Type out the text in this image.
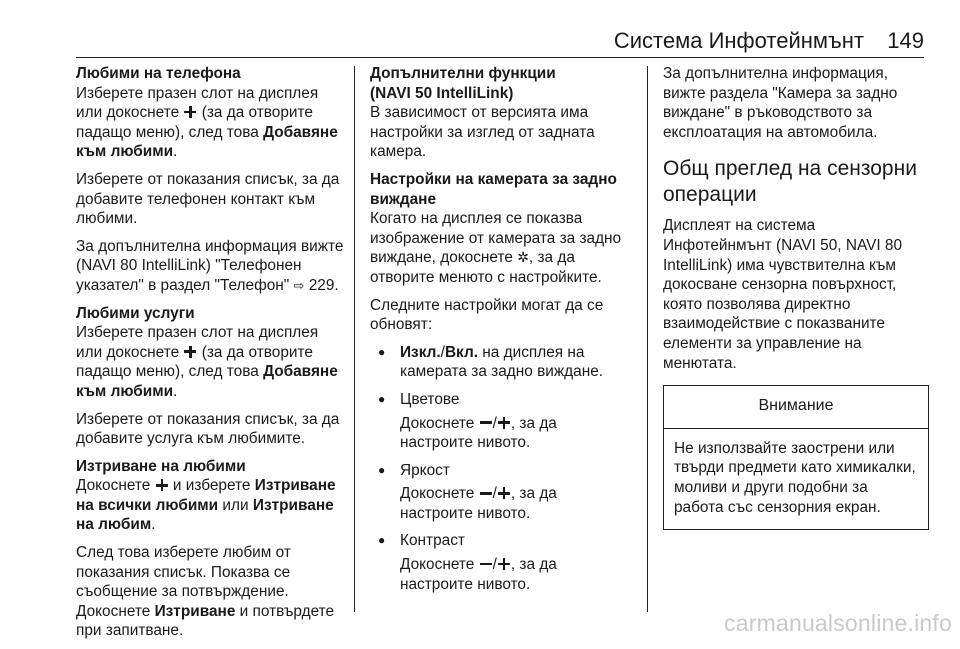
Система Инфотейнмънт 149
Любими на телефона

Изберете празен слот на дисплея или докоснете (за да отворите падащо меню), след това Добавяне към любими.

Изберете от показания списък, за да добавите телефонен контакт към любими.

За допълнителна информация вижте (NAVI 80 IntelliLink) "Телефонен указател" в раздел "Телефон" ⇨ 229.

Любими услуги

Изберете празен слот на дисплея или докоснете (за да отворите падащо меню), след това Добавяне към любими.

Изберете от показания списък, за да добавите услуга към любимите.

Изтриване на любими

Докоснете и изберете Изтриване на всички любими или Изтриване на любим.

След това изберете любим от показания списък. Показва се съобщение за потвърждение. Докоснете Изтриване и потвърдете при запитване.

Допълнителни функции
(NAVI 50 IntelliLink)

В зависимост от версията има настройки за изглед от задната камера.

Настройки на камерата за задно виждане

Когато на дисплея се показва изображение от камерата за задно виждане, докоснете ✲, за да отворите менюто с настройките.

Следните настройки могат да се обновят:

● Изкл./Вкл. на дисплея на камерата за задно виждане.
● Цветове
Докоснете / , за да настроите нивото.
● Яркост
Докоснете / , за да настроите нивото.
● Контраст
Докоснете / , за да настроите нивото.

За допълнителна информация, вижте раздела "Камера за задно виждане" в ръководството за експлоатация на автомобила.

Общ преглед на сензорни операции

Дисплеят на система Инфотейнмънт (NAVI 50, NAVI 80 IntelliLink) има чувствителна към докосване сензорна повърхност, която позволява директно взаимодействие с показваните елементи за управление на менютата.

Внимание
Не използвайте заострени или твърди предмети като химикалки, моливи и други подобни за работа със сензорния екран.
carmanualsonline.info
